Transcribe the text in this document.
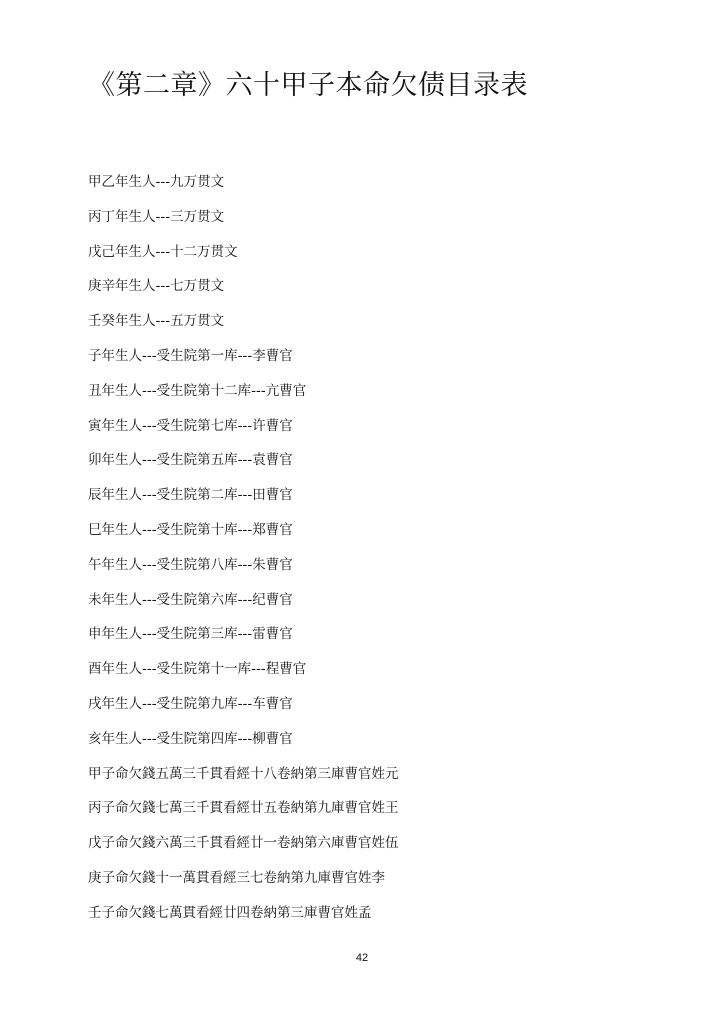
《第二章》六十甲子本命欠债目录表
甲乙年生人---九万贯文
丙丁年生人---三万贯文
戊己年生人---十二万贯文
庚辛年生人---七万贯文
壬癸年生人---五万贯文
子年生人---受生院第一库---李曹官
丑年生人---受生院第十二库---亢曹官
寅年生人---受生院第七库---许曹官
卯年生人---受生院第五库---袁曹官
辰年生人---受生院第二库---田曹官
巳年生人---受生院第十库---郑曹官
午年生人---受生院第八库---朱曹官
未年生人---受生院第六库---纪曹官
申年生人---受生院第三库---雷曹官
酉年生人---受生院第十一库---程曹官
戌年生人---受生院第九库---车曹官
亥年生人---受生院第四库---柳曹官
甲子命欠錢五萬三千貫看經十八卷納第三庫曹官姓元
丙子命欠錢七萬三千貫看經廿五卷納第九庫曹官姓王
戊子命欠錢六萬三千貫看經廿一卷納第六庫曹官姓伍
庚子命欠錢十一萬貫看經三七卷納第九庫曹官姓李
壬子命欠錢七萬貫看經廿四卷納第三庫曹官姓孟
42
